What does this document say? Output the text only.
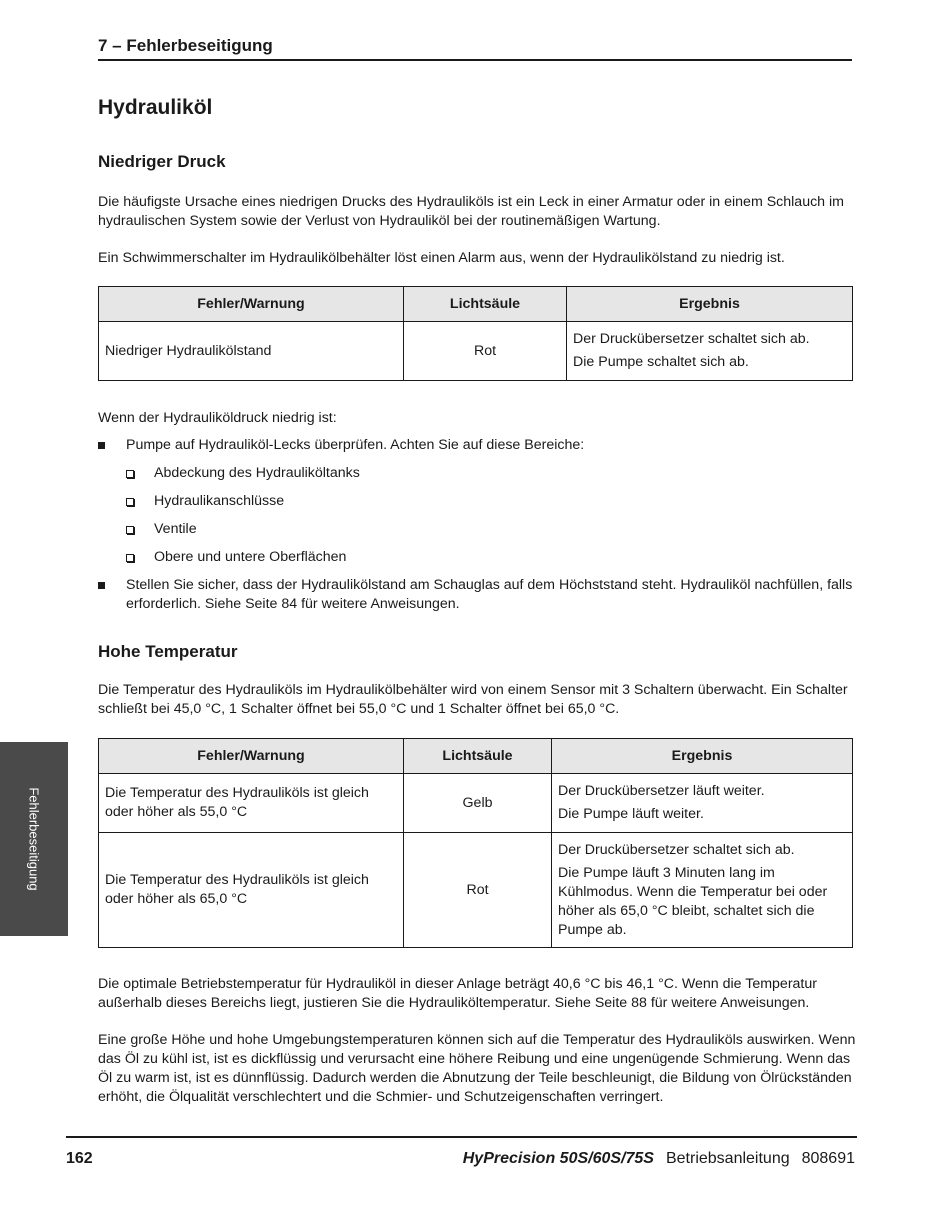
7 – Fehlerbeseitigung
Hydrauliköl
Niedriger Druck

Die häufigste Ursache eines niedrigen Drucks des Hydrauliköls ist ein Leck in einer Armatur oder in einem Schlauch im hydraulischen System sowie der Verlust von Hydrauliköl bei der routinemäßigen Wartung.

Ein Schwimmerschalter im Hydraulikölbehälter löst einen Alarm aus, wenn der Hydraulikölstand zu niedrig ist.

Fehler/Warnung	Lichtsäule	Ergebnis
Niedriger Hydraulikölstand	Rot	Der Druckübersetzer schaltet sich ab.
Die Pumpe schaltet sich ab.

Wenn der Hydrauliköldruck niedrig ist:

Pumpe auf Hydrauliköl-Lecks überprüfen. Achten Sie auf diese Bereiche:
Abdeckung des Hydrauliköltanks
Hydraulikanschlüsse
Ventile
Obere und untere Oberflächen
Stellen Sie sicher, dass der Hydraulikölstand am Schauglas auf dem Höchststand steht. Hydrauliköl nachfüllen, falls erforderlich. Siehe Seite 84 für weitere Anweisungen.
Hohe Temperatur

Die Temperatur des Hydrauliköls im Hydraulikölbehälter wird von einem Sensor mit 3 Schaltern überwacht. Ein Schalter schließt bei 45,0 °C, 1 Schalter öffnet bei 55,0 °C und 1 Schalter öffnet bei 65,0 °C.

Fehler/Warnung	Lichtsäule	Ergebnis
Die Temperatur des Hydrauliköls ist gleich oder höher als 55,0 °C	Gelb	Der Druckübersetzer läuft weiter.
Die Pumpe läuft weiter.

Die Temperatur des Hydrauliköls ist gleich oder höher als 65,0 °C	Rot	Der Druckübersetzer schaltet sich ab.
Die Pumpe läuft 3 Minuten lang im Kühlmodus. Wenn die Temperatur bei oder höher als 65,0 °C bleibt, schaltet sich die Pumpe ab.

Die optimale Betriebstemperatur für Hydrauliköl in dieser Anlage beträgt 40,6 °C bis 46,1 °C. Wenn die Temperatur außerhalb dieses Bereichs liegt, justieren Sie die Hydrauliköltemperatur. Siehe Seite 88 für weitere Anweisungen.

Eine große Höhe und hohe Umgebungstemperaturen können sich auf die Temperatur des Hydrauliköls auswirken. Wenn das Öl zu kühl ist, ist es dickflüssig und verursacht eine höhere Reibung und eine ungenügende Schmierung. Wenn das Öl zu warm ist, ist es dünnflüssig. Dadurch werden die Abnutzung der Teile beschleunigt, die Bildung von Ölrückständen erhöht, die Ölqualität verschlechtert und die Schmier- und Schutzeigenschaften verringert.

Fehlerbeseitigung
162	HyPrecision 50S/60S/75S Betriebsanleitung 808691
